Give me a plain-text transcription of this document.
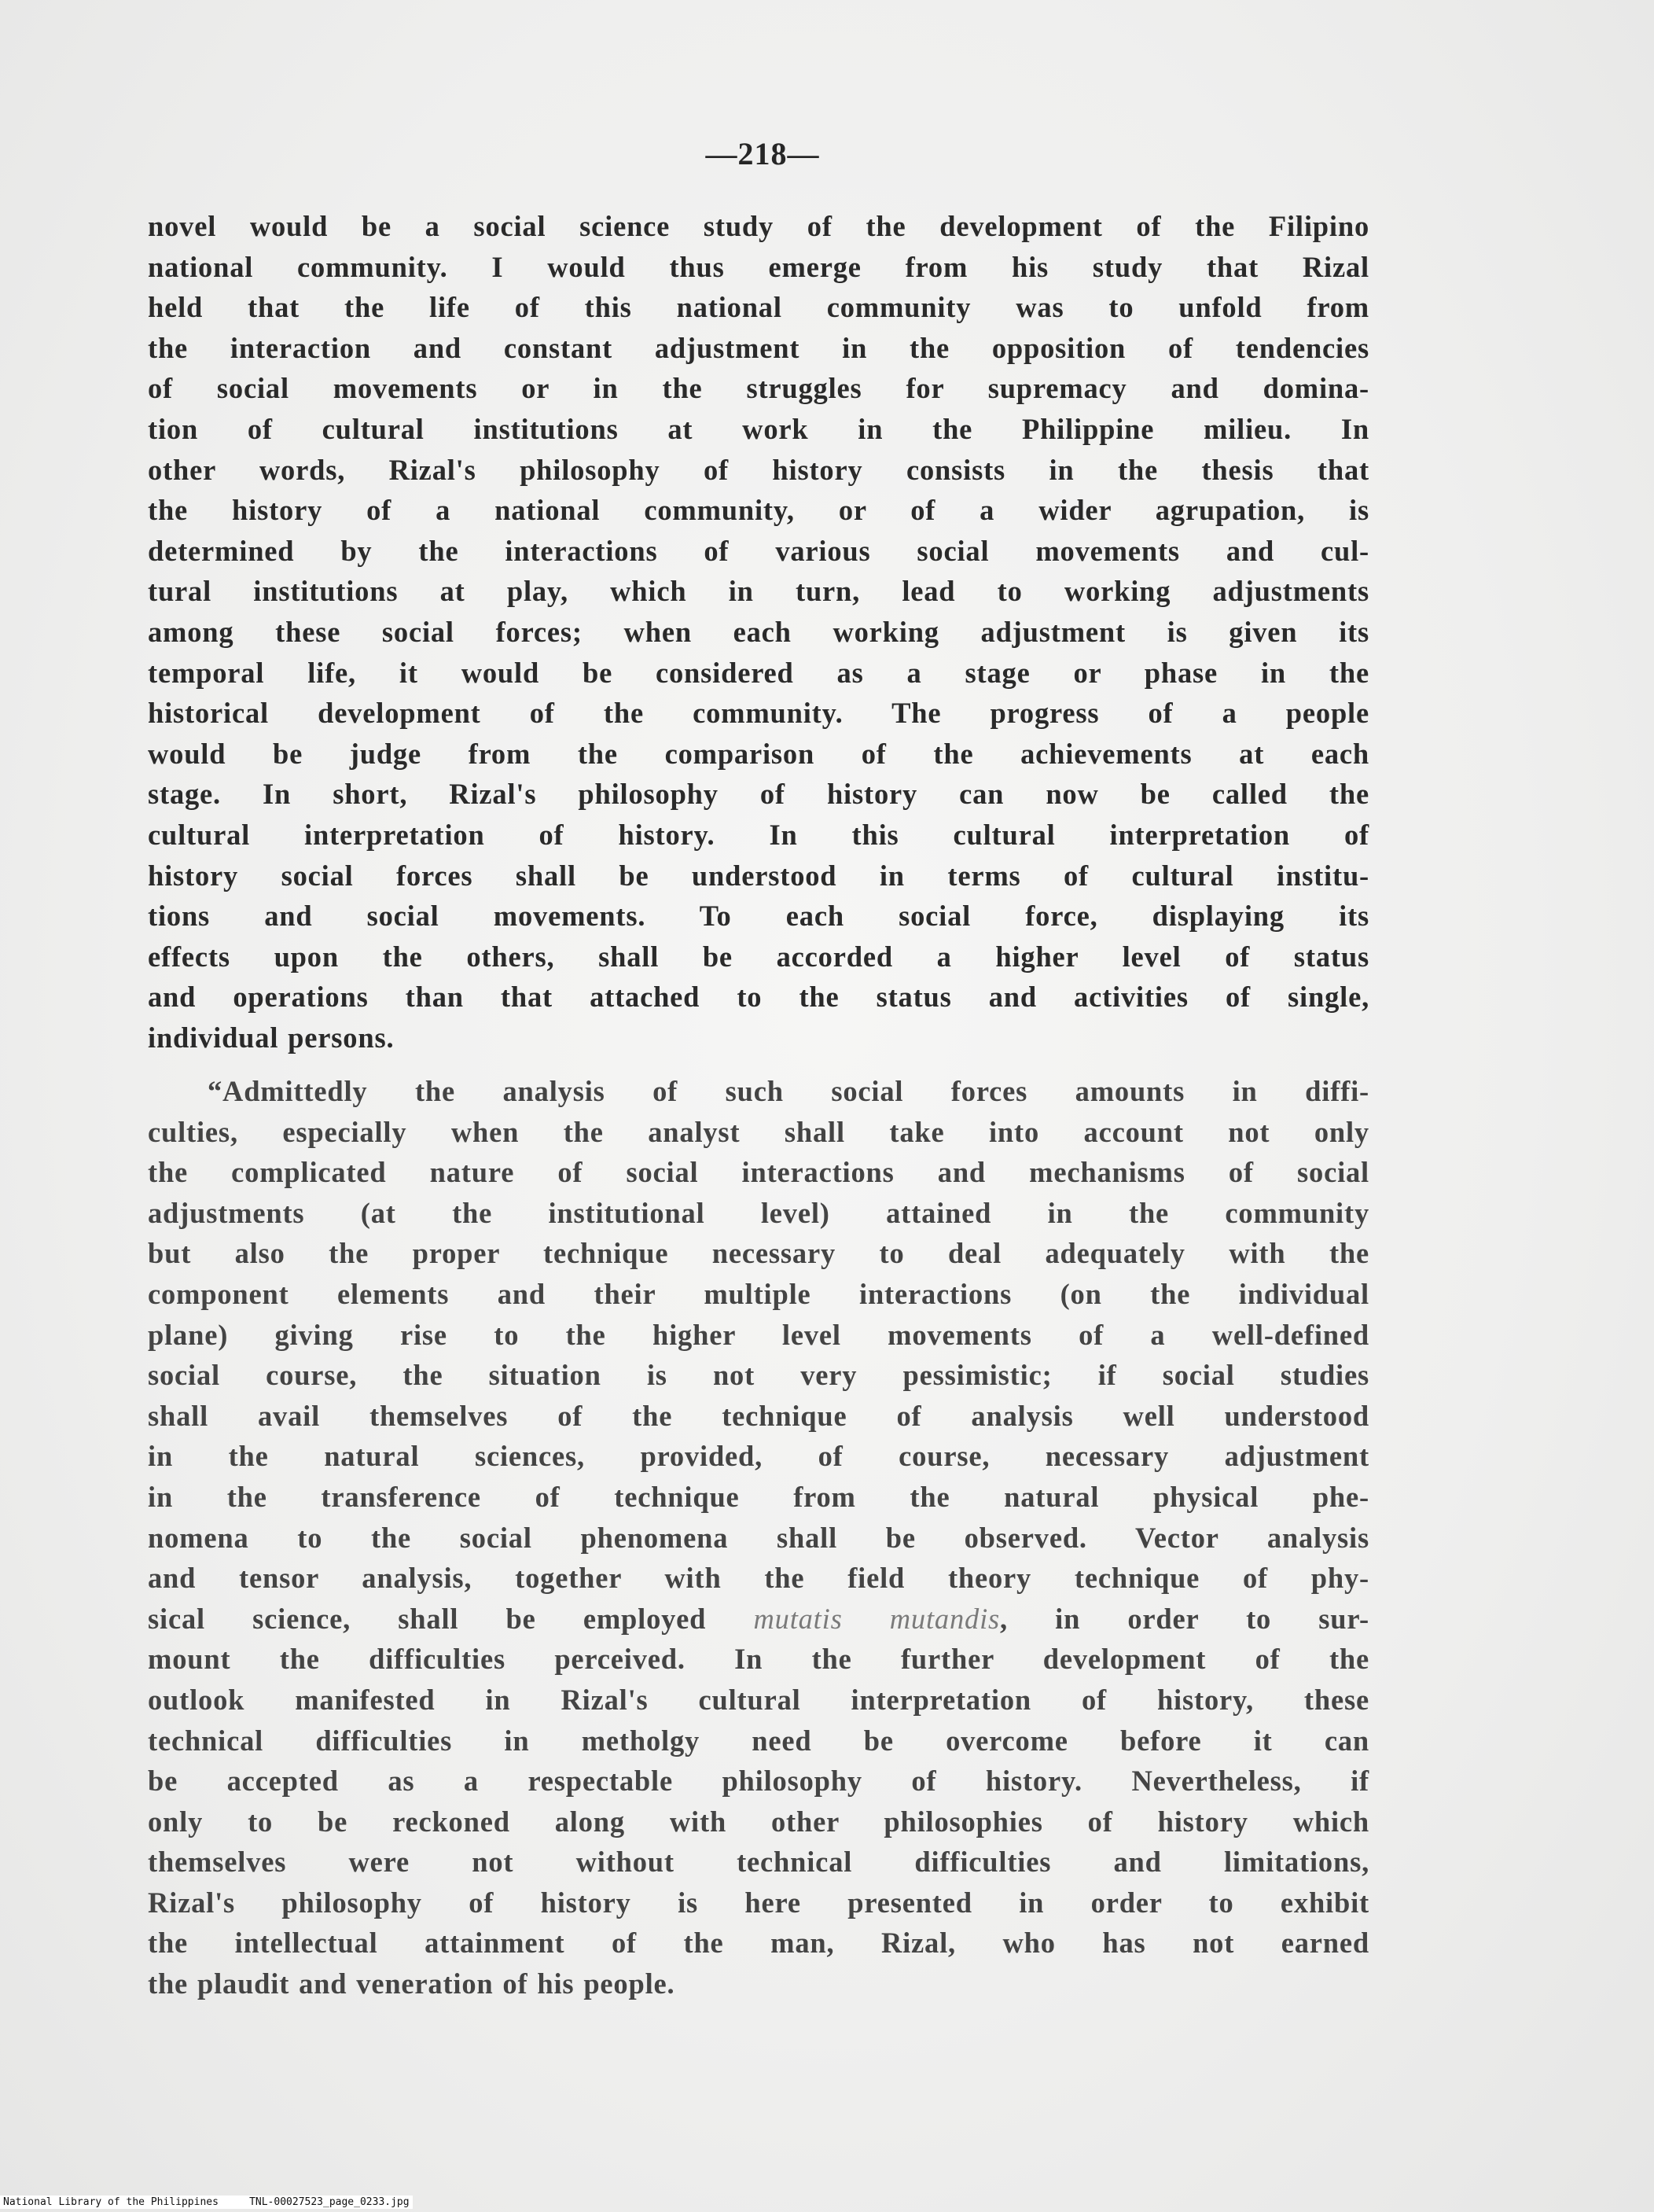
—218—
novel would be a social science study of the development of the Filipino
national community. I would thus emerge from his study that Rizal
held that the life of this national community was to unfold from
the interaction and constant adjustment in the opposition of tendencies
of social movements or in the struggles for supremacy and domina-
tion of cultural institutions at work in the Philippine milieu. In
other words, Rizal's philosophy of history consists in the thesis that
the history of a national community, or of a wider agrupation, is
determined by the interactions of various social movements and cul-
tural institutions at play, which in turn, lead to working adjustments
among these social forces; when each working adjustment is given its
temporal life, it would be considered as a stage or phase in the
historical development of the community. The progress of a people
would be judge from the comparison of the achievements at each
stage. In short, Rizal's philosophy of history can now be called the
cultural interpretation of history. In this cultural interpretation of
history social forces shall be understood in terms of cultural institu-
tions and social movements. To each social force, displaying its
effects upon the others, shall be accorded a higher level of status
and operations than that attached to the status and activities of single,
individual persons.
“Admittedly the analysis of such social forces amounts in diffi-
culties, especially when the analyst shall take into account not only
the complicated nature of social interactions and mechanisms of social
adjustments (at the institutional level) attained in the community
but also the proper technique necessary to deal adequately with the
component elements and their multiple interactions (on the individual
plane) giving rise to the higher level movements of a well-defined
social course, the situation is not very pessimistic; if social studies
shall avail themselves of the technique of analysis well understood
in the natural sciences, provided, of course, necessary adjustment
in the transference of technique from the natural physical phe-
nomena to the social phenomena shall be observed. Vector analysis
and tensor analysis, together with the field theory technique of phy-
sical science, shall be employed mutatis mutandis, in order to sur-
mount the difficulties perceived. In the further development of the
outlook manifested in Rizal's cultural interpretation of history, these
technical difficulties in metholgy need be overcome before it can
be accepted as a respectable philosophy of history. Nevertheless, if
only to be reckoned along with other philosophies of history which
themselves were not without technical difficulties and limitations,
Rizal's philosophy of history is here presented in order to exhibit
the intellectual attainment of the man, Rizal, who has not earned
the plaudit and veneration of his people.
National Library of the Philippines	TNL-00027523_page_0233.jpg
